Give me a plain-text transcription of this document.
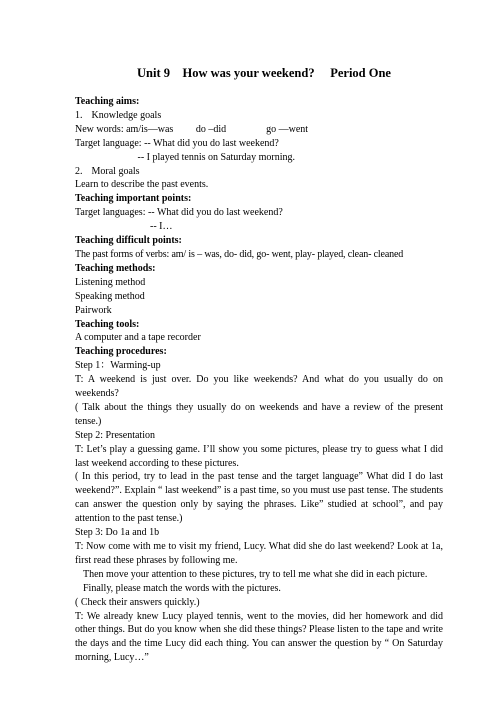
Unit 9    How was your weekend?     Period One

Teaching aims:

1. Knowledge goals

New words: am/is—was         do –did                go —went

Target language: -- What did you do last weekend?

-- I played tennis on Saturday morning.

2. Moral goals

Learn to describe the past events.

Teaching important points:

Target languages: -- What did you do last weekend?

-- I…

Teaching difficult points:

The past forms of verbs: am/ is – was, do- did, go- went, play- played, clean- cleaned

Teaching methods:

Listening method

Speaking method

Pairwork

Teaching tools:

A computer and a tape recorder

Teaching procedures:

Step 1：Warming-up

T: A weekend is just over. Do you like weekends? And what do you usually do on weekends?

( Talk about the things they usually do on weekends and have a review of the present tense.)

Step 2: Presentation

T: Let’s play a guessing game. I’ll show you some pictures, please try to guess what I did last weekend according to these pictures.

( In this period, try to lead in the past tense and the target language” What did I do last weekend?”. Explain “ last weekend” is a past time, so you must use past tense. The students can answer the question only by saying the phrases. Like” studied at school”, and pay attention to the past tense.)

Step 3: Do 1a and 1b

T: Now come with me to visit my friend, Lucy. What did she do last weekend? Look at 1a, first read these phrases by following me.

Then move your attention to these pictures, try to tell me what she did in each picture.

Finally, please match the words with the pictures.

( Check their answers quickly.)

T: We already knew Lucy played tennis, went to the movies, did her homework and did other things. But do you know when she did these things? Please listen to the tape and write the days and the time Lucy did each thing. You can answer the question by “ On Saturday morning, Lucy…”
